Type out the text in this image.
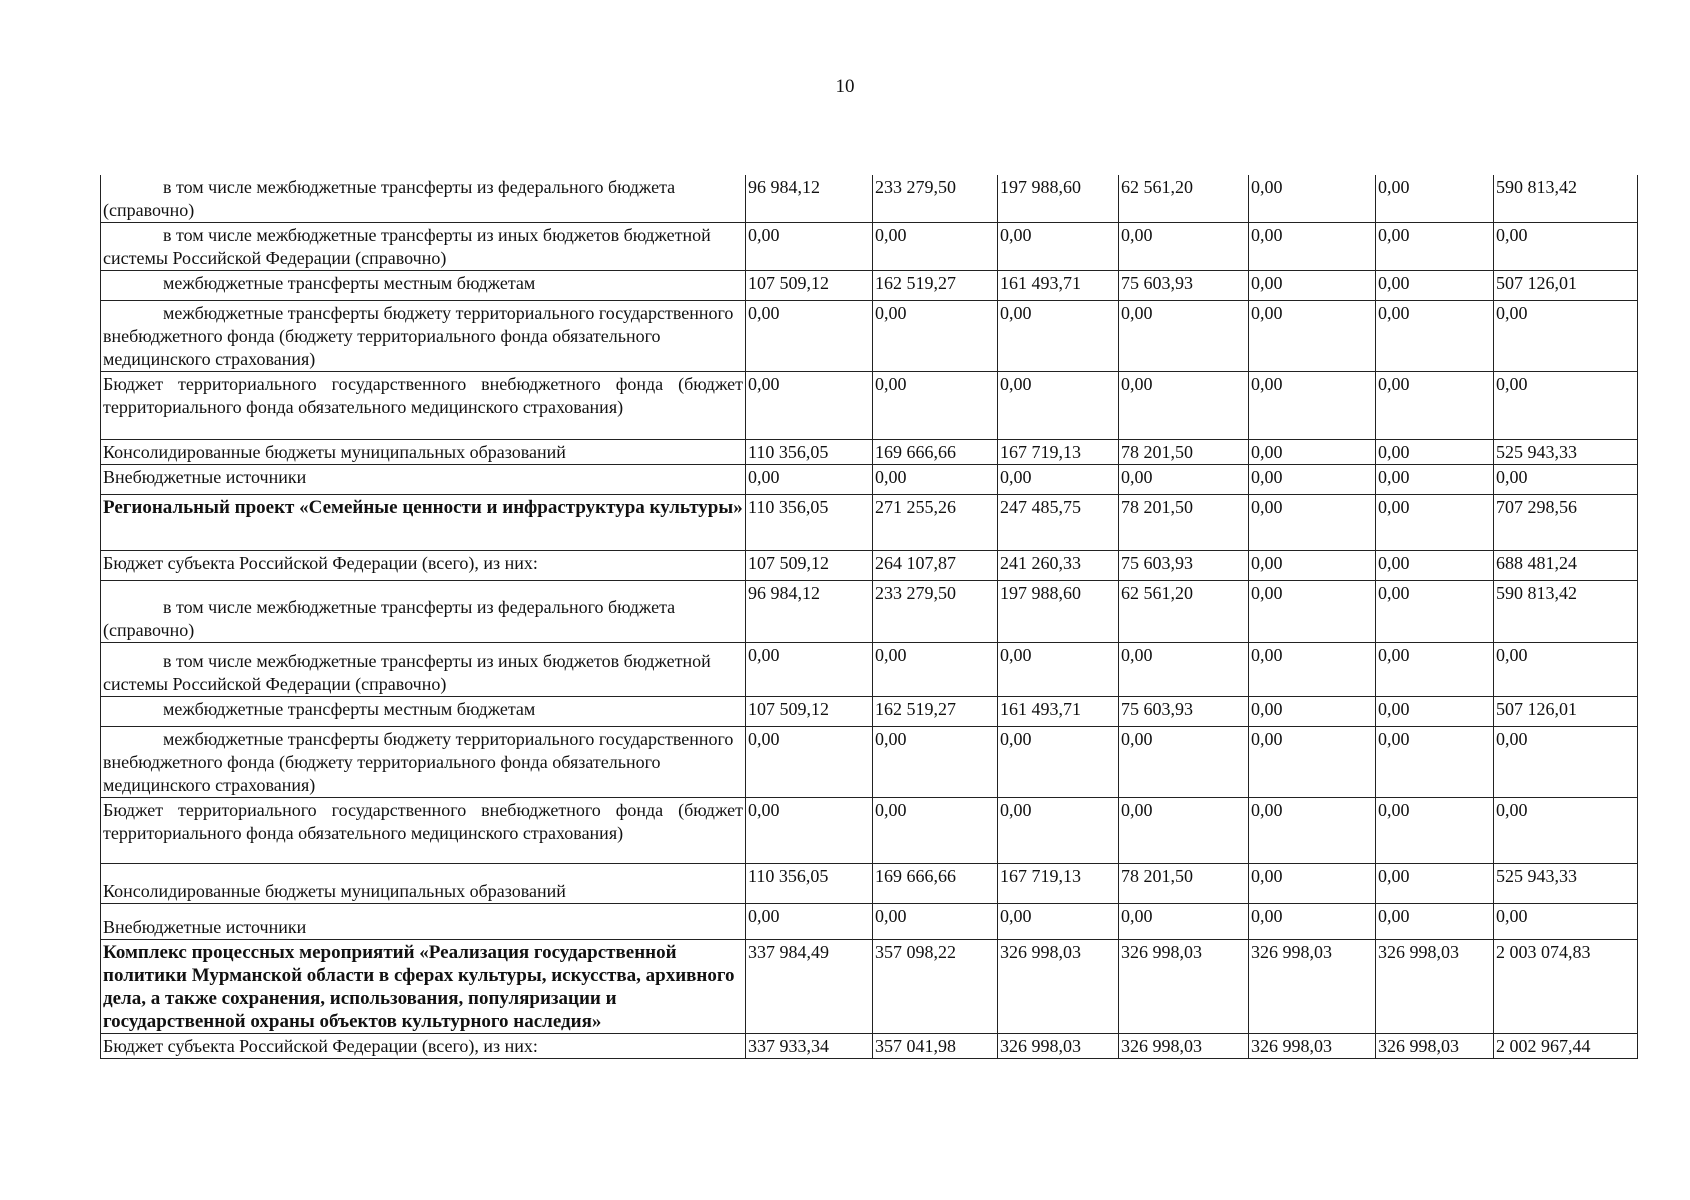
10
в том числе межбюджетные трансферты из федерального бюджета (справочно)	96 984,12	233 279,50	197 988,60	62 561,20	0,00	0,00	590 813,42

в том числе межбюджетные трансферты из иных бюджетов бюджетной системы Российской Федерации (справочно)	0,00	0,00	0,00	0,00	0,00	0,00	0,00

межбюджетные трансферты местным бюджетам	107 509,12	162 519,27	161 493,71	75 603,93	0,00	0,00	507 126,01

межбюджетные трансферты бюджету территориального государственного внебюджетного фонда (бюджету территориального фонда обязательного медицинского страхования)	0,00	0,00	0,00	0,00	0,00	0,00	0,00
Бюджет территориального государственного внебюджетного фонда (бюджет территориального фонда обязательного медицинского страхования)	0,00	0,00	0,00	0,00	0,00	0,00	0,00
Консолидированные бюджеты муниципальных образований	110 356,05	169 666,66	167 719,13	78 201,50	0,00	0,00	525 943,33
Внебюджетные источники	0,00	0,00	0,00	0,00	0,00	0,00	0,00
Региональный проект «Семейные ценности и инфраструктура культуры»	110 356,05	271 255,26	247 485,75	78 201,50	0,00	0,00	707 298,56
Бюджет субъекта Российской Федерации (всего), из них:	107 509,12	264 107,87	241 260,33	75 603,93	0,00	0,00	688 481,24

в том числе межбюджетные трансферты из федерального бюджета (справочно)	96 984,12	233 279,50	197 988,60	62 561,20	0,00	0,00	590 813,42

в том числе межбюджетные трансферты из иных бюджетов бюджетной системы Российской Федерации (справочно)	0,00	0,00	0,00	0,00	0,00	0,00	0,00

межбюджетные трансферты местным бюджетам	107 509,12	162 519,27	161 493,71	75 603,93	0,00	0,00	507 126,01

межбюджетные трансферты бюджету территориального государственного внебюджетного фонда (бюджету территориального фонда обязательного медицинского страхования)	0,00	0,00	0,00	0,00	0,00	0,00	0,00
Бюджет территориального государственного внебюджетного фонда (бюджет территориального фонда обязательного медицинского страхования)	0,00	0,00	0,00	0,00	0,00	0,00	0,00
Консолидированные бюджеты муниципальных образований	110 356,05	169 666,66	167 719,13	78 201,50	0,00	0,00	525 943,33
Внебюджетные источники	0,00	0,00	0,00	0,00	0,00	0,00	0,00
Комплекс процессных мероприятий «Реализация государственной политики Мурманской области в сферах культуры, искусства, архивного дела, а также сохранения, использования, популяризации и государственной охраны объектов культурного наследия»	337 984,49	357 098,22	326 998,03	326 998,03	326 998,03	326 998,03	2 003 074,83
Бюджет субъекта Российской Федерации (всего), из них:	337 933,34	357 041,98	326 998,03	326 998,03	326 998,03	326 998,03	2 002 967,44
